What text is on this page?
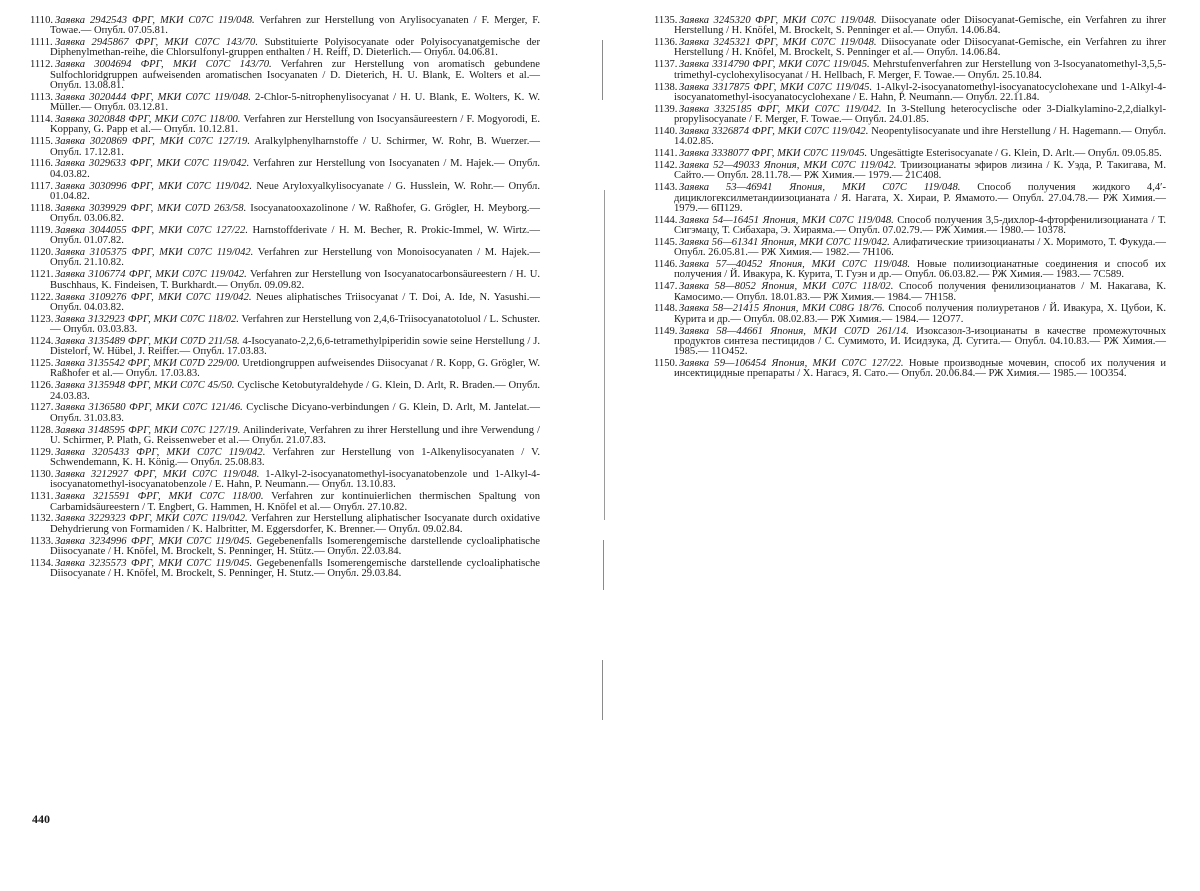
1110. Заявка 2942543 ФРГ, МКИ C07C 119/048. Verfahren zur Herstellung von Arylisocyanaten / F. Merger, F. Towae.— Опубл. 07.05.81.

1111. Заявка 2945867 ФРГ, МКИ C07C 143/70. Substituierte Polyisocyanate oder Polyisocyanatgemische der Diphenylmethan-reihe, die Chlorsulfonyl-gruppen enthalten / H. Reiff, D. Dieterlich.— Опубл. 04.06.81.

1112. Заявка 3004694 ФРГ, МКИ C07C 143/70. Verfahren zur Herstellung von aromatisch gebundene Sulfochloridgruppen aufweisenden aromatischen Isocyanaten / D. Dieterich, H. U. Blank, E. Wolters et al.— Опубл. 13.08.81.

1113. Заявка 3020444 ФРГ, МКИ C07C 119/048. 2-Chlor-5-nitrophenylisocyanat / H. U. Blank, E. Wolters, K. W. Müller.— Опубл. 03.12.81.

1114. Заявка 3020848 ФРГ, МКИ C07C 118/00. Verfahren zur Herstellung von Isocyansäureestern / F. Mogyorodi, E. Koppany, G. Papp et al.— Опубл. 10.12.81.

1115. Заявка 3020869 ФРГ, МКИ C07C 127/19. Aralkylphenylharnstoffe / U. Schirmer, W. Rohr, B. Wuerzer.— Опубл. 17.12.81.

1116. Заявка 3029633 ФРГ, МКИ C07C 119/042. Verfahren zur Herstellung von Isocyanaten / M. Hajek.— Опубл. 04.03.82.

1117. Заявка 3030996 ФРГ, МКИ C07C 119/042. Neue Aryloxyalkylisocyanate / G. Husslein, W. Rohr.— Опубл. 01.04.82.

1118. Заявка 3039929 ФРГ, МКИ C07D 263/58. Isocyanatooxazolinone / W. Raßhofer, G. Grögler, H. Meyborg.— Опубл. 03.06.82.

1119. Заявка 3044055 ФРГ, МКИ C07C 127/22. Harnstoffderivate / H. M. Becher, R. Prokic-Immel, W. Wirtz.— Опубл. 01.07.82.

1120. Заявка 3105375 ФРГ, МКИ C07C 119/042. Verfahren zur Herstellung von Monoisocyanaten / M. Hajek.— Опубл. 21.10.82.

1121. Заявка 3106774 ФРГ, МКИ C07C 119/042. Verfahren zur Herstellung von Isocyanatocarbonsäureestern / H. U. Buschhaus, K. Findeisen, T. Burkhardt.— Опубл. 09.09.82.

1122. Заявка 3109276 ФРГ, МКИ C07C 119/042. Neues aliphatisches Triisocyanat / T. Doi, A. Ide, N. Yasushi.— Опубл. 04.03.82.

1123. Заявка 3132923 ФРГ, МКИ C07C 118/02. Verfahren zur Herstellung von 2,4,6-Triisocyanatotoluol / L. Schuster.— Опубл. 03.03.83.

1124. Заявка 3135489 ФРГ, МКИ C07D 211/58. 4-Isocyanato-2,2,6,6-tetramethylpiperidin sowie seine Herstellung / J. Distelorf, W. Hübel, J. Reiffer.— Опубл. 17.03.83.

1125. Заявка 3135542 ФРГ, МКИ C07D 229/00. Uretdiongruppen aufweisendes Diisocyanat / R. Kopp, G. Grögler, W. Raßhofer et al.— Опубл. 17.03.83.

1126. Заявка 3135948 ФРГ, МКИ C07C 45/50. Cyclische Ketobutyraldehyde / G. Klein, D. Arlt, R. Braden.— Опубл. 24.03.83.

1127. Заявка 3136580 ФРГ, МКИ C07C 121/46. Cyclische Dicyano-verbindungen / G. Klein, D. Arlt, M. Jantelat.— Опубл. 31.03.83.

1128. Заявка 3148595 ФРГ, МКИ C07C 127/19. Anilinderivate, Verfahren zu ihrer Herstellung und ihre Verwendung / U. Schirmer, P. Plath, G. Reissenweber et al.— Опубл. 21.07.83.

1129. Заявка 3205433 ФРГ, МКИ C07C 119/042. Verfahren zur Herstellung von 1-Alkenylisocyanaten / V. Schwendemann, K. H. König.— Опубл. 25.08.83.

1130. Заявка 3212927 ФРГ, МКИ C07C 119/048. 1-Alkyl-2-isocyanatomethyl-isocyanatobenzole und 1-Alkyl-4-isocyanatomethyl-isocyanatobenzole / E. Hahn, P. Neumann.— Опубл. 13.10.83.

1131. Заявка 3215591 ФРГ, МКИ C07C 118/00. Verfahren zur kontinuierlichen thermischen Spaltung von Carbamidsäureestern / T. Engbert, G. Hammen, H. Knöfel et al.— Опубл. 27.10.82.

1132. Заявка 3229323 ФРГ, МКИ C07C 119/042. Verfahren zur Herstellung aliphatischer Isocyanate durch oxidative Dehydrierung von Formamiden / K. Halbritter, M. Eggersdorfer, K. Brenner.— Опубл. 09.02.84.

1133. Заявка 3234996 ФРГ, МКИ C07C 119/045. Gegebenenfalls Isomerengemische darstellende cycloaliphatische Diisocyanate / H. Knöfel, M. Brockelt, S. Penninger, H. Stütz.— Опубл. 22.03.84.

1134. Заявка 3235573 ФРГ, МКИ C07C 119/045. Gegebenenfalls Isomerengemische darstellende cycloaliphatische Diisocyanate / H. Knöfel, M. Brockelt, S. Penninger, H. Stutz.— Опубл. 29.03.84.

1135. Заявка 3245320 ФРГ, МКИ C07C 119/048. Diisocyanate oder Diisocyanat-Gemische, ein Verfahren zu ihrer Herstellung / H. Knöfel, M. Brockelt, S. Penninger et al.— Опубл. 14.06.84.

1136. Заявка 3245321 ФРГ, МКИ C07C 119/048. Diisocyanate oder Diisocyanat-Gemische, ein Verfahren zu ihrer Herstellung / H. Knöfel, M. Brockelt, S. Penninger et al.— Опубл. 14.06.84.

1137. Заявка 3314790 ФРГ, МКИ C07C 119/045. Mehrstufenverfahren zur Herstellung von 3-Isocyanatomethyl-3,5,5-trimethyl-cyclohexylisocyanat / H. Hellbach, F. Merger, F. Towae.— Опубл. 25.10.84.

1138. Заявка 3317875 ФРГ, МКИ C07C 119/045. 1-Alkyl-2-isocyanatomethyl-isocyanatocyclohexane und 1-Alkyl-4-isocyanatomethyl-isocyanatocyclohexane / E. Hahn, P. Neumann.— Опубл. 22.11.84.

1139. Заявка 3325185 ФРГ, МКИ C07C 119/042. In 3-Stellung heterocyclische oder 3-Dialkylamino-2,2,dialkyl-propylisocyanate / F. Merger, F. Towae.— Опубл. 24.01.85.

1140. Заявка 3326874 ФРГ, МКИ C07C 119/042. Neopentylisocyanate und ihre Herstellung / H. Hagemann.— Опубл. 14.02.85.

1141. Заявка 3338077 ФРГ, МКИ C07C 119/045. Ungesättigte Esterisocyanate / G. Klein, D. Arlt.— Опубл. 09.05.85.

1142. Заявка 52—49033 Япония, МКИ C07C 119/042. Триизоцианаты эфиров лизина / К. Уэда, Р. Такигава, М. Сайто.— Опубл. 28.11.78.— РЖ Химия.— 1979.— 21С408.

1143. Заявка 53—46941 Япония, МКИ C07C 119/048. Способ получения жидкого 4,4′-дициклогексилметандиизоцианата / Я. Нагата, Х. Хираи, Р. Ямамото.— Опубл. 27.04.78.— РЖ Химия.— 1979.— 6П129.

1144. Заявка 54—16451 Япония, МКИ C07C 119/048. Способ получения 3,5-дихлор-4-фторфенилизоцианата / Т. Сигэмацу, Т. Сибахара, Э. Хираяма.— Опубл. 07.02.79.— РЖ Химия.— 1980.— 10378.

1145. Заявка 56—61341 Япония, МКИ C07C 119/042. Алифатические триизоцианаты / Х. Моримото, Т. Фукуда.— Опубл. 26.05.81.— РЖ Химия.— 1982.— 7Н106.

1146. Заявка 57—40452 Япония, МКИ C07C 119/048. Новые полиизоцианатные соединения и способ их получения / Й. Ивакура, К. Курита, Т. Гуэн и др.— Опубл. 06.03.82.— РЖ Химия.— 1983.— 7С589.

1147. Заявка 58—8052 Япония, МКИ C07C 118/02. Способ получения фенилизоцианатов / М. Накагава, К. Камосимо.— Опубл. 18.01.83.— РЖ Химия.— 1984.— 7Н158.

1148. Заявка 58—21415 Япония, МКИ C08G 18/76. Способ получения полиуретанов / Й. Ивакура, Х. Цубои, К. Курита и др.— Опубл. 08.02.83.— РЖ Химия.— 1984.— 12О77.

1149. Заявка 58—44661 Япония, МКИ C07D 261/14. Изоксазол-3-изоцианаты в качестве промежуточных продуктов синтеза пестицидов / С. Сумимото, И. Исидзука, Д. Сугита.— Опубл. 04.10.83.— РЖ Химия.— 1985.— 11О452.

1150. Заявка 59—106454 Япония, МКИ C07C 127/22. Новые производные мочевин, способ их получения и инсектицидные препараты / Х. Нагасэ, Я. Сато.— Опубл. 20.06.84.— РЖ Химия.— 1985.— 10О354.

440
